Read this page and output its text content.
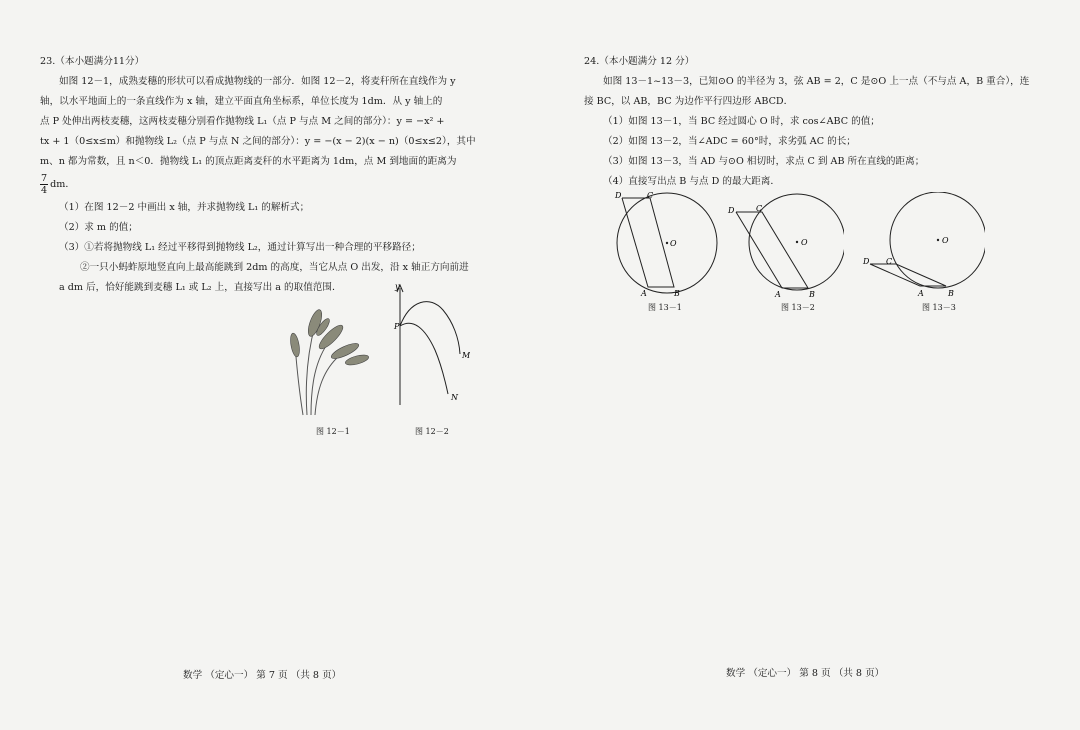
23.（本小题满分11分）
如图 12－1，成熟麦穗的形状可以看成抛物线的一部分．如图 12－2，将麦秆所在直线作为 y
轴，以水平地面上的一条直线作为 x 轴，建立平面直角坐标系，单位长度为 1dm．从 y 轴上的
点 P 处伸出两枝麦穗，这两枝麦穗分别看作抛物线 L₁（点 P 与点 M 之间的部分）：y = −x² +
tx + 1（0≤x≤m）和抛物线 L₂（点 P 与点 N 之间的部分）：y = −(x − 2)(x − n)（0≤x≤2），其中
m、n 都为常数，且 n＜0．抛物线 L₁ 的顶点距离麦秆的水平距离为 1dm，点 M 到地面的距离为
$\frac{7}{4}$ dm．
（1）在图 12－2 中画出 x 轴，并求抛物线 L₁ 的解析式；
（2）求 m 的值；
（3）①若将抛物线 L₁ 经过平移得到抛物线 L₂，通过计算写出一种合理的平移路径；
②一只小蚂蚱原地竖直向上最高能跳到 2dm 的高度，当它从点 O 出发，沿 x 轴正方向前进
a dm 后，恰好能跳到麦穗 L₁ 或 L₂ 上，直接写出 a 的取值范围．
图 12－1
P
y
M
N
图 12－2
数学 （定心一） 第 7 页 （共 8 页）
24.（本小题满分 12 分）
如图 13－1~13－3，已知⊙O 的半径为 3，弦 AB = 2，C 是⊙O 上一点（不与点 A，B 重合），连
接 BC，以 AB，BC 为边作平行四边形 ABCD．
（1）如图 13－1，当 BC 经过圆心 O 时，求 cos∠ABC 的值；
（2）如图 13－2，当∠ADC = 60°时，求劣弧 AC 的长；
（3）如图 13－3，当 AD 与⊙O 相切时，求点 C 到 AB 所在直线的距离；
（4）直接写出点 B 与点 D 的最大距离．
D	C
O
A	B
图 13－1
D	C
O
A	B
图 13－2
D C
O
A	B
图 13－3
数学 （定心一） 第 8 页 （共 8 页）
